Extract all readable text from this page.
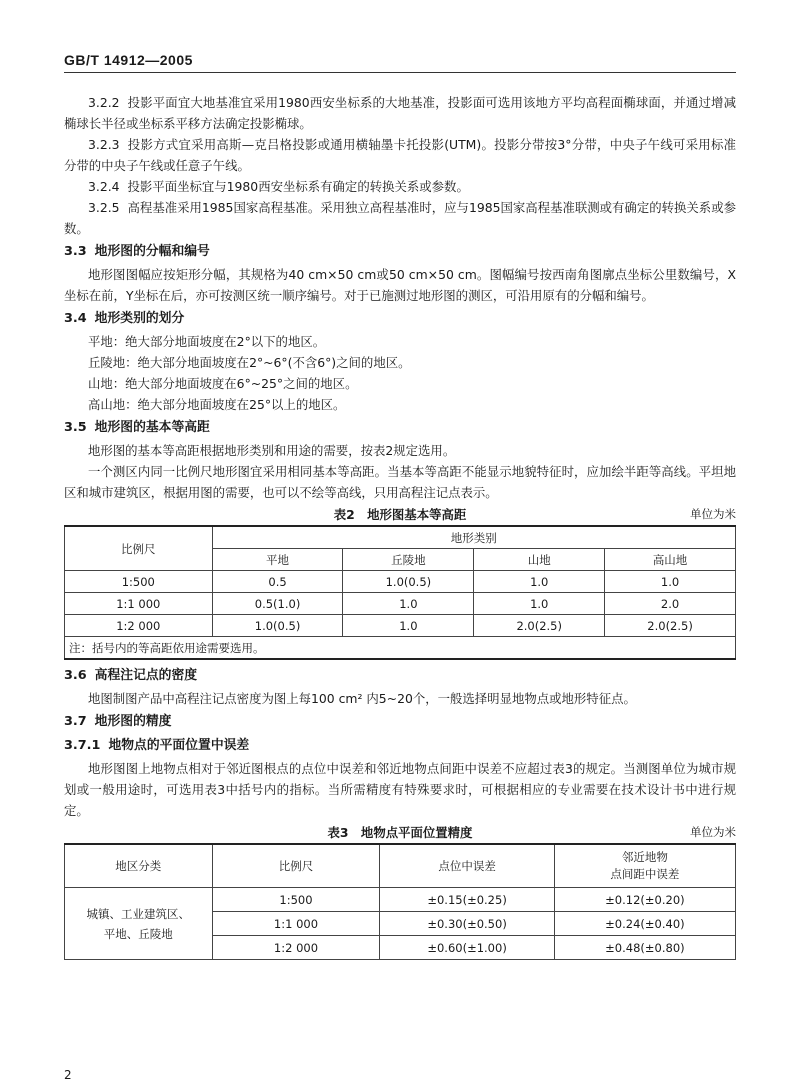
GB/T 14912—2005

3.2.2 投影平面宜大地基准宜采用1980西安坐标系的大地基准，投影面可选用该地方平均高程面椭球面，并通过增减椭球长半径或坐标系平移方法确定投影椭球。

3.2.3 投影方式宜采用高斯—克吕格投影或通用横轴墨卡托投影(UTM)。投影分带按3°分带，中央子午线可采用标准分带的中央子午线或任意子午线。

3.2.4 投影平面坐标宜与1980西安坐标系有确定的转换关系或参数。

3.2.5 高程基准采用1985国家高程基准。采用独立高程基准时，应与1985国家高程基准联测或有确定的转换关系或参数。

3.3 地形图的分幅和编号

地形图图幅应按矩形分幅，其规格为40 cm×50 cm或50 cm×50 cm。图幅编号按西南角图廓点坐标公里数编号，X坐标在前，Y坐标在后，亦可按测区统一顺序编号。对于已施测过地形图的测区，可沿用原有的分幅和编号。

3.4 地形类别的划分

平地：绝大部分地面坡度在2°以下的地区。

丘陵地：绝大部分地面坡度在2°~6°(不含6°)之间的地区。

山地：绝大部分地面坡度在6°~25°之间的地区。

高山地：绝大部分地面坡度在25°以上的地区。

3.5 地形图的基本等高距

地形图的基本等高距根据地形类别和用途的需要，按表2规定选用。

一个测区内同一比例尺地形图宜采用相同基本等高距。当基本等高距不能显示地貌特征时，应加绘半距等高线。平坦地区和城市建筑区，根据用图的需要，也可以不绘等高线，只用高程注记点表示。

表2　地形图基本等高距	单位为米
比例尺	地形类别			
	平地	丘陵地	山地	高山地
1:500	0.5	1.0(0.5)	1.0	1.0
1:1 000	0.5(1.0)	1.0	1.0	2.0
1:2 000	1.0(0.5)	1.0	2.0(2.5)	2.0(2.5)
注：括号内的等高距依用途需要选用。				
3.6 高程注记点的密度

地图制图产品中高程注记点密度为图上每100 cm² 内5~20个，一般选择明显地物点或地形特征点。

3.7 地形图的精度
3.7.1 地物点的平面位置中误差

地形图图上地物点相对于邻近图根点的点位中误差和邻近地物点间距中误差不应超过表3的规定。当测图单位为城市规划或一般用途时，可选用表3中括号内的指标。当所需精度有特殊要求时，可根据相应的专业需要在技术设计书中进行规定。

表3　地物点平面位置精度	单位为米
地区分类	比例尺	点位中误差	邻近地物
点间距中误差
城镇、工业建筑区、
平地、丘陵地	1:500	±0.15(±0.25)	±0.12(±0.20)
	1:1 000	±0.30(±0.50)	±0.24(±0.40)
	1:2 000	±0.60(±1.00)	±0.48(±0.80)
2
